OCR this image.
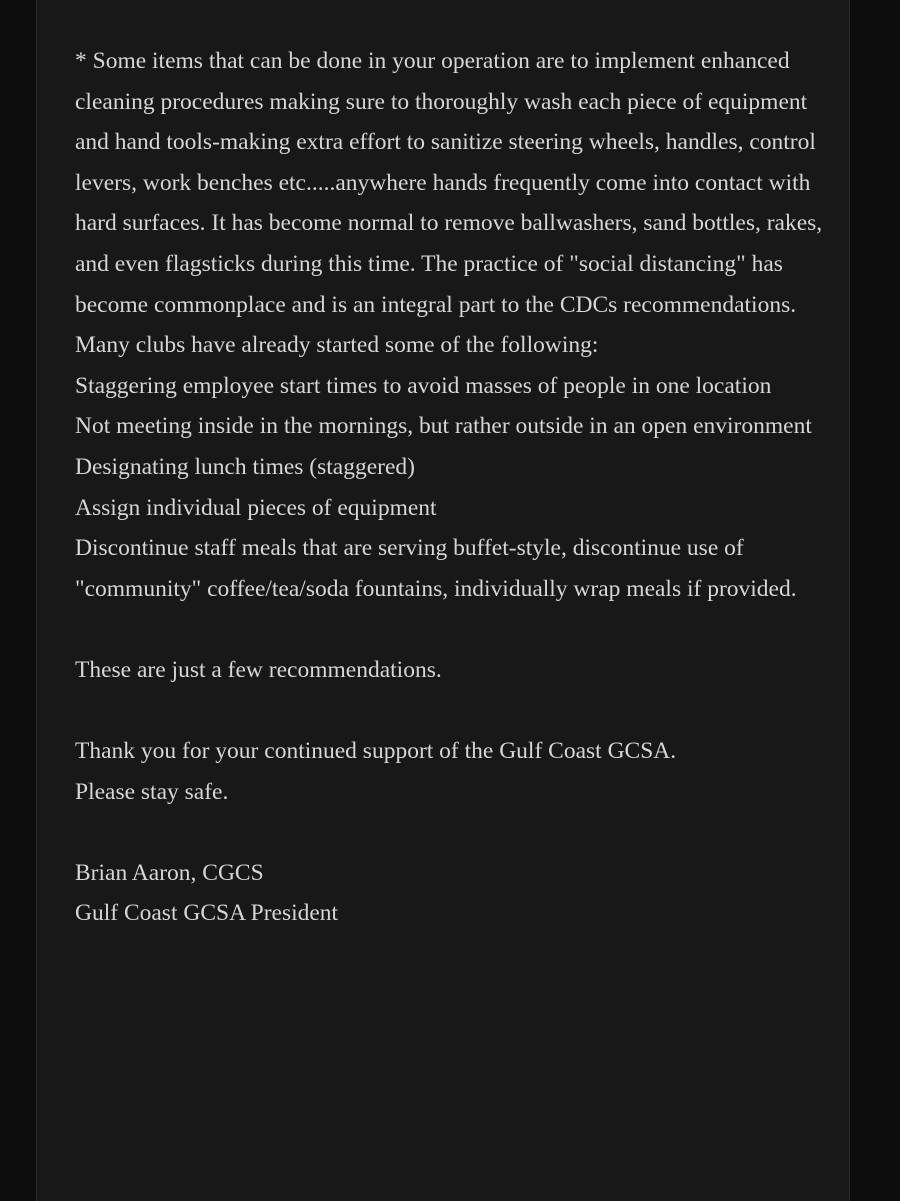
* Some items that can be done in your operation are to implement enhanced cleaning procedures making sure to thoroughly wash each piece of equipment and hand tools-making extra effort to sanitize steering wheels, handles, control levers, work benches etc.....anywhere hands frequently come into contact with hard surfaces. It has become normal to remove ballwashers, sand bottles, rakes, and even flagsticks during this time. The practice of "social distancing" has become commonplace and is an integral part to the CDCs recommendations.

Many clubs have already started some of the following:

Staggering employee start times to avoid masses of people in one location

Not meeting inside in the mornings, but rather outside in an open environment

Designating lunch times (staggered)

Assign individual pieces of equipment

Discontinue staff meals that are serving buffet-style, discontinue use of "community" coffee/tea/soda fountains, individually wrap meals if provided.

These are just a few recommendations.

Thank you for your continued support of the Gulf Coast GCSA.

Please stay safe.

Brian Aaron, CGCS

Gulf Coast GCSA President
